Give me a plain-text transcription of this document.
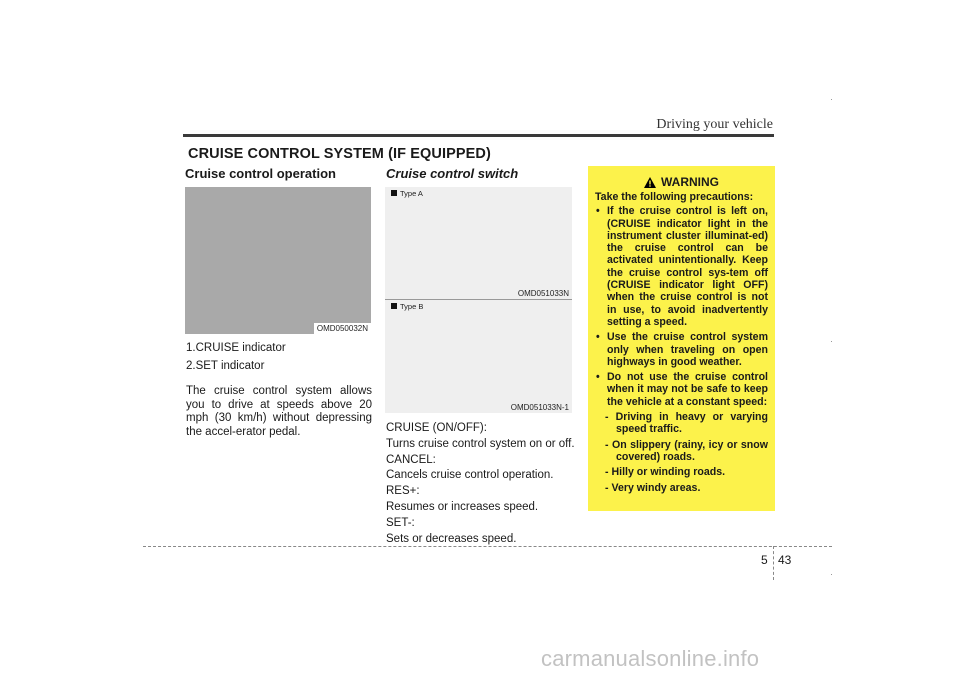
Driving your vehicle
CRUISE CONTROL SYSTEM (IF EQUIPPED)
Cruise control operation
OMD050032N
1.CRUISE indicator
2.SET indicator
The cruise control system allows you to drive at speeds above 20 mph (30 km/h) without depressing the accel-erator pedal.
Cruise control switch
Type A
OMD051033N
Type B
OMD051033N-1
CRUISE (ON/OFF):
Turns cruise control system on or off.
CANCEL:
Cancels cruise control operation.
RES+:
Resumes or increases speed.
SET-:
Sets or decreases speed.
WARNING
Take the following precautions:
• If the cruise control is left on, (CRUISE indicator light in the instrument cluster illuminat-ed) the cruise control can be activated unintentionally. Keep the cruise control sys-tem off (CRUISE indicator light OFF) when the cruise control is not in use, to avoid inadvertently setting a speed.
• Use the cruise control system only when traveling on open highways in good weather.
• Do not use the cruise control when it may not be safe to keep the vehicle at a constant speed:
- Driving in heavy or varying speed traffic.
- On slippery (rainy, icy or snow covered) roads.
- Hilly or winding roads.
- Very windy areas.
5 43
carmanualsonline.info
